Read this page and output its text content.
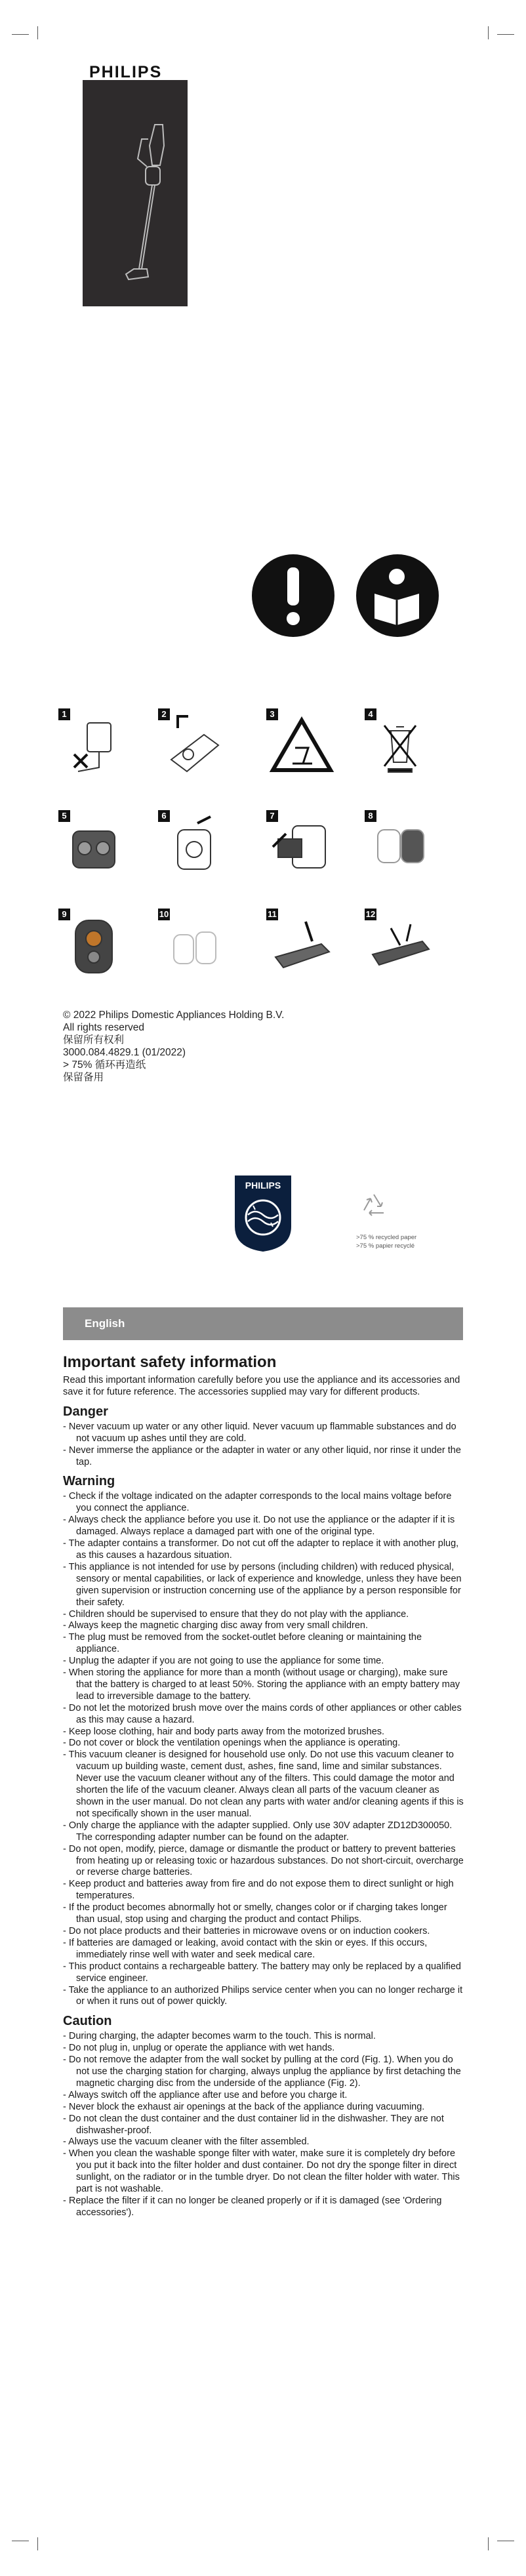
PHILIPS
1	2	3	4
5	6	7	8
9	10	11	12
© 2022 Philips Domestic Appliances Holding B.V.
All rights reserved
保留所有权利
3000.084.4829.1 (01/2022)
> 75% 循环再造纸
保留备用
PHILIPS
>75 % recycled paper
>75 % papier recyclé
English
Important safety information

Read this important information carefully before you use the appliance and its accessories and save it for future reference. The accessories supplied may vary for different products.

Danger
- Never vacuum up water or any other liquid. Never vacuum up flammable substances and do not vacuum up ashes until they are cold.
- Never immerse the appliance or the adapter in water or any other liquid, nor rinse it under the tap.
Warning
- Check if the voltage indicated on the adapter corresponds to the local mains voltage before you connect the appliance.
- Always check the appliance before you use it. Do not use the appliance or the adapter if it is damaged. Always replace a damaged part with one of the original type.
- The adapter contains a transformer. Do not cut off the adapter to replace it with another plug, as this causes a hazardous situation.
- This appliance is not intended for use by persons (including children) with reduced physical, sensory or mental capabilities, or lack of experience and knowledge, unless they have been given supervision or instruction concerning use of the appliance by a person responsible for their safety.
- Children should be supervised to ensure that they do not play with the appliance.
- Always keep the magnetic charging disc away from very small children.
- The plug must be removed from the socket-outlet before cleaning or maintaining the appliance.
- Unplug the adapter if you are not going to use the appliance for some time.
- When storing the appliance for more than a month (without usage or charging), make sure that the battery is charged to at least 50%. Storing the appliance with an empty battery may lead to irreversible damage to the battery.
- Do not let the motorized brush move over the mains cords of other appliances or other cables as this may cause a hazard.
- Keep loose clothing, hair and body parts away from the motorized brushes.
- Do not cover or block the ventilation openings when the appliance is operating.
- This vacuum cleaner is designed for household use only. Do not use this vacuum cleaner to vacuum up building waste, cement dust, ashes, fine sand, lime and similar substances. Never use the vacuum cleaner without any of the filters. This could damage the motor and shorten the life of the vacuum cleaner. Always clean all parts of the vacuum cleaner as shown in the user manual. Do not clean any parts with water and/or cleaning agents if this is not specifically shown in the user manual.
- Only charge the appliance with the adapter supplied. Only use 30V adapter ZD12D300050. The corresponding adapter number can be found on the adapter.
- Do not open, modify, pierce, damage or dismantle the product or battery to prevent batteries from heating up or releasing toxic or hazardous substances. Do not short-circuit, overcharge or reverse charge batteries.
- Keep product and batteries away from fire and do not expose them to direct sunlight or high temperatures.
- If the product becomes abnormally hot or smelly, changes color or if charging takes longer than usual, stop using and charging the product and contact Philips.
- Do not place products and their batteries in microwave ovens or on induction cookers.
- If batteries are damaged or leaking, avoid contact with the skin or eyes. If this occurs, immediately rinse well with water and seek medical care.
- This product contains a rechargeable battery. The battery may only be replaced by a qualified service engineer.
- Take the appliance to an authorized Philips service center when you can no longer recharge it or when it runs out of power quickly.
Caution
- During charging, the adapter becomes warm to the touch. This is normal.
- Do not plug in, unplug or operate the appliance with wet hands.
- Do not remove the adapter from the wall socket by pulling at the cord (Fig. 1). When you do not use the charging station for charging, always unplug the appliance by first detaching the magnetic charging disc from the underside of the appliance (Fig. 2).
- Always switch off the appliance after use and before you charge it.
- Never block the exhaust air openings at the back of the appliance during vacuuming.
- Do not clean the dust container and the dust container lid in the dishwasher. They are not dishwasher-proof.
- Always use the vacuum cleaner with the filter assembled.
- When you clean the washable sponge filter with water, make sure it is completely dry before you put it back into the filter holder and dust container. Do not dry the sponge filter in direct sunlight, on the radiator or in the tumble dryer. Do not clean the filter holder with water. This part is not washable.
- Replace the filter if it can no longer be cleaned properly or if it is damaged (see 'Ordering accessories').
